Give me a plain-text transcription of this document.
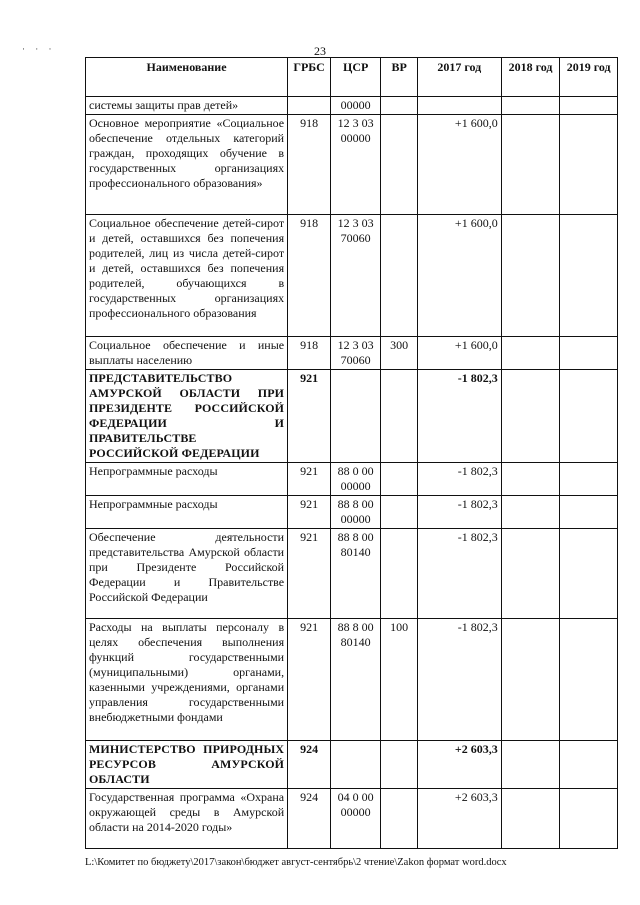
23
· · ·
Наименование	ГРБС	ЦСР	ВР	2017 год	2018 год	2019 год
системы защиты прав детей»		00000				
Основное мероприятие «Социальное обеспечение отдельных категорий граждан, проходящих обучение в государственных организациях профессионального образования»	918	12 3 03 00000		+1 600,0		
Социальное обеспечение детей-сирот и детей, оставшихся без попечения родителей, лиц из числа детей-сирот и детей, оставшихся без попечения родителей, обучающихся в государственных организациях профессионального образования	918	12 3 03 70060		+1 600,0		
Социальное обеспечение и иные выплаты населению	918	12 3 03 70060	300	+1 600,0		
ПРЕДСТАВИТЕЛЬСТВО АМУРСКОЙ ОБЛАСТИ ПРИ ПРЕЗИДЕНТЕ РОССИЙСКОЙ ФЕДЕРАЦИИ И ПРАВИТЕЛЬСТВЕ РОССИЙСКОЙ ФЕДЕРАЦИИ	921			-1 802,3		
Непрограммные расходы	921	88 0 00 00000		-1 802,3		
Непрограммные расходы	921	88 8 00 00000		-1 802,3		
Обеспечение деятельности представительства Амурской области при Президенте Российской Федерации и Правительстве Российской Федерации	921	88 8 00 80140		-1 802,3		
Расходы на выплаты персоналу в целях обеспечения выполнения функций государственными (муниципальными) органами, казенными учреждениями, органами управления государственными внебюджетными фондами	921	88 8 00 80140	100	-1 802,3		
МИНИСТЕРСТВО ПРИРОДНЫХ РЕСУРСОВ АМУРСКОЙ ОБЛАСТИ	924			+2 603,3		
Государственная программа «Охрана окружающей среды в Амурской области на 2014-2020 годы»	924	04 0 00 00000		+2 603,3		
L:\Комитет по бюджету\2017\закон\бюджет август-сентябрь\2 чтение\Zakon формат word.docx
